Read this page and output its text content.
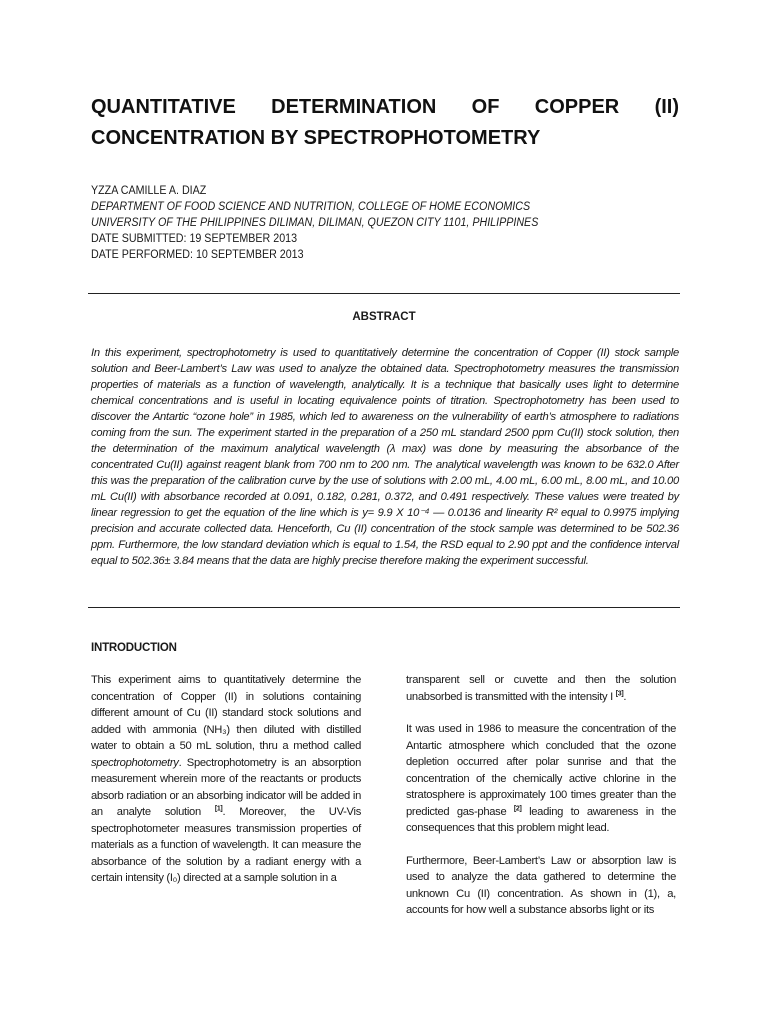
QUANTITATIVE DETERMINATION OF COPPER (II)
CONCENTRATION BY SPECTROPHOTOMETRY
YZZA CAMILLE A. DIAZ
DEPARTMENT OF FOOD SCIENCE AND NUTRITION, COLLEGE OF HOME ECONOMICS
UNIVERSITY OF THE PHILIPPINES DILIMAN, DILIMAN, QUEZON CITY 1101, PHILIPPINES
DATE SUBMITTED: 19 SEPTEMBER 2013
DATE PERFORMED: 10 SEPTEMBER 2013
ABSTRACT

In this experiment, spectrophotometry is used to quantitatively determine the concentration of Copper (II) stock sample solution and Beer-Lambert’s Law was used to analyze the obtained data. Spectrophotometry measures the transmission properties of materials as a function of wavelength, analytically. It is a technique that basically uses light to determine chemical concentrations and is useful in locating equivalence points of titration. Spectrophotometry has been used to discover the Antartic “ozone hole” in 1985, which led to awareness on the vulnerability of earth’s atmosphere to radiations coming from the sun. The experiment started in the preparation of a 250 mL standard 2500 ppm Cu(II) stock solution, then the determination of the maximum analytical wavelength (λ max) was done by measuring the absorbance of the concentrated Cu(II) against reagent blank from 700 nm to 200 nm. The analytical wavelength was known to be 632.0 After this was the preparation of the calibration curve by the use of solutions with 2.00 mL, 4.00 mL, 6.00 mL, 8.00 mL, and 10.00 mL Cu(II) with absorbance recorded at 0.091, 0.182, 0.281, 0.372, and 0.491 respectively. These values were treated by linear regression to get the equation of the line which is y= 9.9 X 10⁻⁴ — 0.0136 and linearity R² equal to 0.9975 implying precision and accurate collected data. Henceforth, Cu (II) concentration of the stock sample was determined to be 502.36 ppm. Furthermore, the low standard deviation which is equal to 1.54, the RSD equal to 2.90 ppt and the confidence interval equal to 502.36± 3.84 means that the data are highly precise therefore making the experiment successful.

INTRODUCTION

This experiment aims to quantitatively determine the concentration of Copper (II) in solutions containing different amount of Cu (II) standard stock solutions and added with ammonia (NH₃) then diluted with distilled water to obtain a 50 mL solution, thru a method called spectrophotometry. Spectrophotometry is an absorption measurement wherein more of the reactants or products absorb radiation or an absorbing indicator will be added in an analyte solution [1]. Moreover, the UV-Vis spectrophotometer measures transmission properties of materials as a function of wavelength. It can measure the absorbance of the solution by a radiant energy with a certain intensity (I₀) directed at a sample solution in a

transparent sell or cuvette and then the solution unabsorbed is transmitted with the intensity I [3].

It was used in 1986 to measure the concentration of the Antartic atmosphere which concluded that the ozone depletion occurred after polar sunrise and that the concentration of the chemically active chlorine in the stratosphere is approximately 100 times greater than the predicted gas-phase [2] leading to awareness in the consequences that this problem might lead.

Furthermore, Beer-Lambert’s Law or absorption law is used to analyze the data gathered to determine the unknown Cu (II) concentration. As shown in (1), a, accounts for how well a substance absorbs light or its
